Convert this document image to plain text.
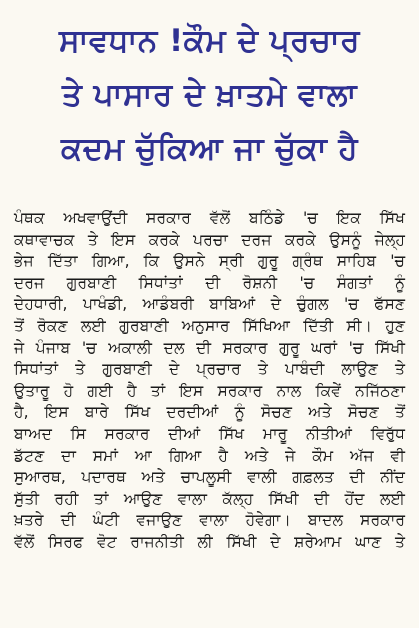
ਸਾਵਧਾਨ !ਕੌਮ ਦੇ ਪ੍ਰਚਾਰ
ਤੇ ਪਾਸਾਰ ਦੇ ਖ਼ਾਤਮੇ ਵਾਲਾ
ਕਦਮ ਚੁੱਕਿਆ ਜਾ ਚੁੱਕਾ ਹੈ
ਪੰਥਕ ਅਖਵਾਉਂਦੀ ਸਰਕਾਰ ਵੱਲੋਂ ਬਠਿੰਡੇ 'ਚ ਇਕ ਸਿੱਖ
ਕਥਾਵਾਚਕ ਤੇ ਇਸ ਕਰਕੇ ਪਰਚਾ ਦਰਜ ਕਰਕੇ ਉਸਨੂੰ ਜੇਲ੍ਹ
ਭੇਜ ਦਿੱਤਾ ਗਿਆ, ਕਿ ਉਸਨੇ ਸ੍ਰੀ ਗੁਰੂ ਗ੍ਰੰਥ ਸਾਹਿਬ 'ਚ
ਦਰਜ ਗੁਰਬਾਣੀ ਸਿਧਾਂਤਾਂ ਦੀ ਰੋਸ਼ਨੀ 'ਚ ਸੰਗਤਾਂ ਨੂੰ
ਦੇਹਧਾਰੀ, ਪਾਖੰਡੀ, ਆਡੰਬਰੀ ਬਾਬਿਆਂ ਦੇ ਚੁੰਗਲ 'ਚ ਫੱਸਣ
ਤੋਂ ਰੋਕਣ ਲਈ ਗੁਰਬਾਣੀ ਅਨੁਸਾਰ ਸਿੱਖਿਆ ਦਿੱਤੀ ਸੀ। ਹੁਣ
ਜੇ ਪੰਜਾਬ 'ਚ ਅਕਾਲੀ ਦਲ ਦੀ ਸਰਕਾਰ ਗੁਰੂ ਘਰਾਂ 'ਚ ਸਿੱਖੀ
ਸਿਧਾਂਤਾਂ ਤੇ ਗੁਰਬਾਣੀ ਦੇ ਪ੍ਰਚਾਰ ਤੇ ਪਾਬੰਦੀ ਲਾਉਣ ਤੇ
ਉਤਾਰੂ ਹੋ ਗਈ ਹੈ ਤਾਂ ਇਸ ਸਰਕਾਰ ਨਾਲ ਕਿਵੇਂ ਨਜਿੱਠਣਾ
ਹੈ, ਇਸ ਬਾਰੇ ਸਿੱਖ ਦਰਦੀਆਂ ਨੂੰ ਸੋਚਣ ਅਤੇ ਸੋਚਣ ਤੋਂ
ਬਾਅਦ ਸਿ ਸਰਕਾਰ ਦੀਆਂ ਸਿੱਖ ਮਾਰੂ ਨੀਤੀਆਂ ਵਿਰੁੱਧ
ਡੱਟਣ ਦਾ ਸਮਾਂ ਆ ਗਿਆ ਹੈ ਅਤੇ ਜੇ ਕੌਮ ਅੱਜ ਵੀ
ਸੁਆਰਥ, ਪਦਾਰਥ ਅਤੇ ਚਾਪਲੂਸੀ ਵਾਲੀ ਗਫ਼ਲਤ ਦੀ ਨੀਂਦ
ਸੁੱਤੀ ਰਹੀ ਤਾਂ ਆਉਣ ਵਾਲਾ ਕੱਲ੍ਹ ਸਿੱਖੀ ਦੀ ਹੋਂਦ ਲਈ
ਖ਼ਤਰੇ ਦੀ ਘੰਟੀ ਵਜਾਉਣ ਵਾਲਾ ਹੋਵੇਗਾ। ਬਾਦਲ ਸਰਕਾਰ
ਵੱਲੋਂ ਸਿਰਫ ਵੋਟ ਰਾਜਨੀਤੀ ਲੀ ਸਿੱਖੀ ਦੇ ਸ਼ਰੇਆਮ ਘਾਣ ਤੇ
